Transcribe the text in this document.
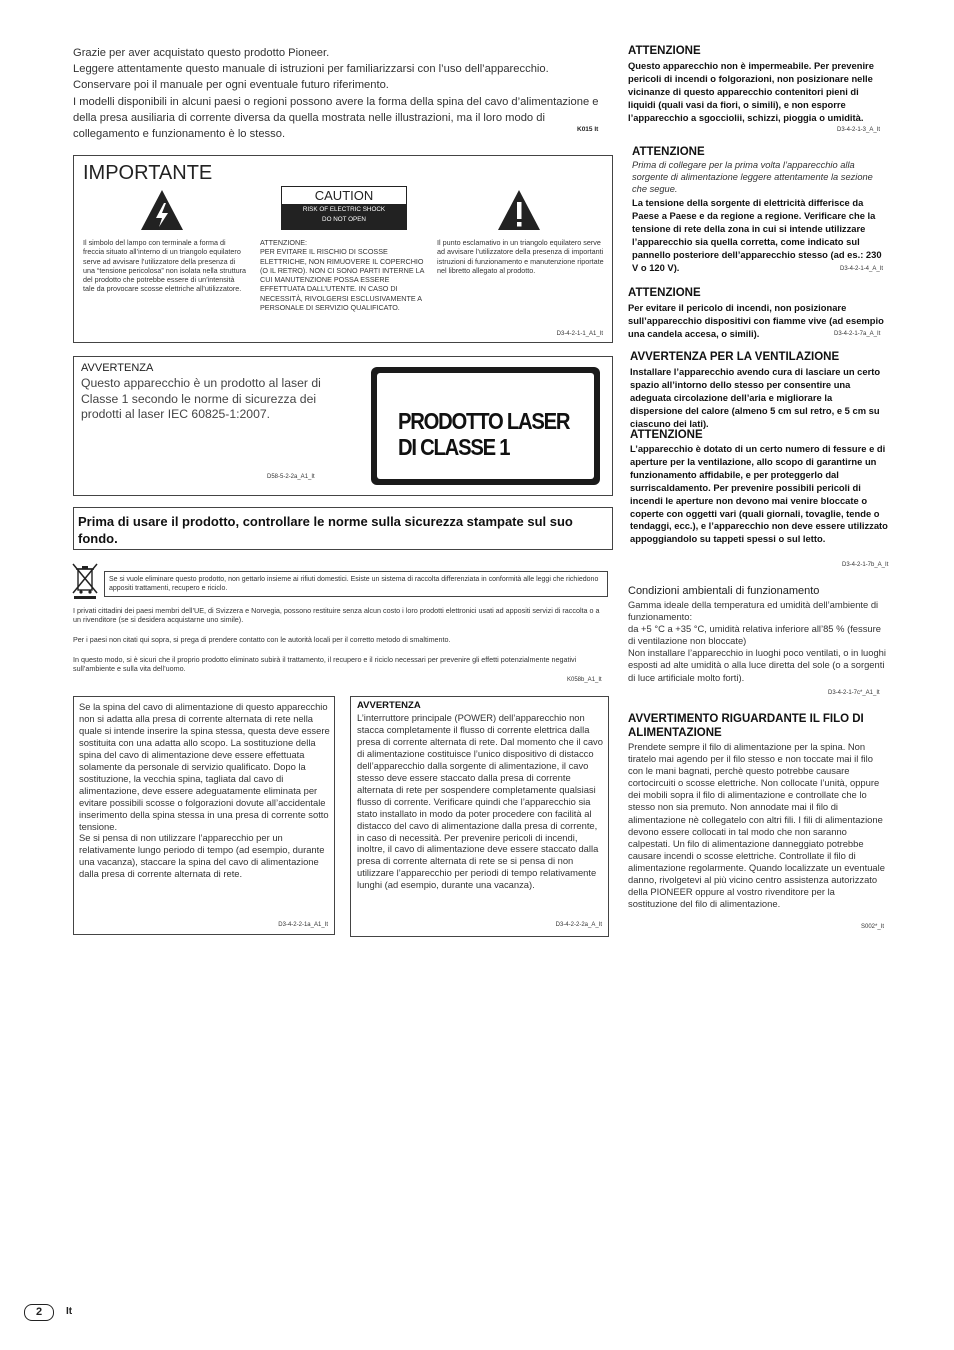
Grazie per aver acquistato questo prodotto Pioneer.
Leggere attentamente questo manuale di istruzioni per familiarizzarsi con l’uso dell’apparecchio.
Conservare poi il manuale per ogni eventuale futuro riferimento.
I modelli disponibili in alcuni paesi o regioni possono avere la forma della spina del cavo d’alimentazione e della presa ausiliaria di corrente diversa da quella mostrata nelle illustrazioni, ma il loro modo di collegamento e funzionamento è lo stesso.	K015 It
IMPORTANTE
CAUTION
RISK OF ELECTRIC SHOCK
DO NOT OPEN
Il simbolo del lampo con terminale a forma di freccia situato all’interno di un triangolo equilatero serve ad avvisare l’utilizzatore della presenza di una “tensione pericolosa” non isolata nella struttura del prodotto che potrebbe essere di un’intensità tale da provocare scosse elettriche all’utilizzatore.
ATTENZIONE:
PER EVITARE IL RISCHIO DI SCOSSE ELETTRICHE, NON RIMUOVERE IL COPERCHIO (O IL RETRO). NON CI SONO PARTI INTERNE LA CUI MANUTENZIONE POSSA ESSERE EFFETTUATA DALL’UTENTE. IN CASO DI NECESSITÀ, RIVOLGERSI ESCLUSIVAMENTE A PERSONALE DI SERVIZIO QUALIFICATO.
Il punto esclamativo in un triangolo equilatero serve ad avvisare l’utilizzatore della presenza di importanti istruzioni di funzionamento e manutenzione riportate nel libretto allegato al prodotto.
D3-4-2-1-1_A1_It
AVVERTENZA
Questo apparecchio è un prodotto al laser di Classe 1 secondo le norme di sicurezza dei prodotti al laser IEC 60825-1:2007.
D58-5-2-2a_A1_It
PRODOTTO LASER
DI CLASSE 1
Prima di usare il prodotto, controllare le norme sulla sicurezza stampate sul suo fondo.
Se si vuole eliminare questo prodotto, non gettarlo insieme ai rifiuti domestici. Esiste un sistema di raccolta differenziata in conformità alle leggi che richiedono appositi trattamenti, recupero e riciclo.
I privati cittadini dei paesi membri dell’UE, di Svizzera e Norvegia, possono restituire senza alcun costo i loro prodotti elettronici usati ad appositi servizi di raccolta o a un rivenditore (se si desidera acquistarne uno simile).
Per i paesi non citati qui sopra, si prega di prendere contatto con le autorità locali per il corretto metodo di smaltimento.
In questo modo, si è sicuri che il proprio prodotto eliminato subirà il trattamento, il recupero e il riciclo necessari per prevenire gli effetti potenzialmente negativi sull’ambiente e sulla vita dell’uomo.
K058b_A1_It
Se la spina del cavo di alimentazione di questo apparecchio non si adatta alla presa di corrente alternata di rete nella quale si intende inserire la spina stessa, questa deve essere sostituita con una adatta allo scopo. La sostituzione della spina del cavo di alimentazione deve essere effettuata solamente da personale di servizio qualificato. Dopo la sostituzione, la vecchia spina, tagliata dal cavo di alimentazione, deve essere adeguatamente eliminata per evitare possibili scosse o folgorazioni dovute all’accidentale inserimento della spina stessa in una presa di corrente sotto tensione.
Se si pensa di non utilizzare l’apparecchio per un relativamente lungo periodo di tempo (ad esempio, durante una vacanza), staccare la spina del cavo di alimentazione dalla presa di corrente alternata di rete.
D3-4-2-2-1a_A1_It
AVVERTENZA
L’interruttore principale (POWER) dell’apparecchio non stacca completamente il flusso di corrente elettrica dalla presa di corrente alternata di rete. Dal momento che il cavo di alimentazione costituisce l’unico dispositivo di distacco dell’apparecchio dalla sorgente di alimentazione, il cavo stesso deve essere staccato dalla presa di corrente alternata di rete per sospendere completamente qualsiasi flusso di corrente. Verificare quindi che l’apparecchio sia stato installato in modo da poter procedere con facilità al distacco del cavo di alimentazione dalla presa di corrente, in caso di necessità. Per prevenire pericoli di incendi, inoltre, il cavo di alimentazione deve essere staccato dalla presa di corrente alternata di rete se si pensa di non utilizzare l’apparecchio per periodi di tempo relativamente lunghi (ad esempio, durante una vacanza).
D3-4-2-2-2a_A_It
ATTENZIONE
Questo apparecchio non è impermeabile. Per prevenire pericoli di incendi o folgorazioni, non posizionare nelle vicinanze di questo apparecchio contenitori pieni di liquidi (quali vasi da fiori, o simili), e non esporre l’apparecchio a sgocciolii, schizzi, pioggia o umidità.
D3-4-2-1-3_A_It
ATTENZIONE
Prima di collegare per la prima volta l’apparecchio alla sorgente di alimentazione leggere attentamente la sezione che segue.
La tensione della sorgente di elettricità differisce da Paese a Paese e da regione a regione. Verificare che la tensione di rete della zona in cui si intende utilizzare l’apparecchio sia quella corretta, come indicato sul pannello posteriore dell’apparecchio stesso (ad es.: 230 V o 120 V).	D3-4-2-1-4_A_It
ATTENZIONE
Per evitare il pericolo di incendi, non posizionare sull’apparecchio dispositivi con fiamme vive (ad esempio una candela accesa, o simili).	D3-4-2-1-7a_A_It
AVVERTENZA PER LA VENTILAZIONE
Installare l’apparecchio avendo cura di lasciare un certo spazio all’intorno dello stesso per consentire una adeguata circolazione dell’aria e migliorare la dispersione del calore (almeno 5 cm sul retro, e 5 cm su ciascuno dei lati).
ATTENZIONE
L’apparecchio è dotato di un certo numero di fessure e di aperture per la ventilazione, allo scopo di garantirne un funzionamento affidabile, e per proteggerlo dal surriscaldamento. Per prevenire possibili pericoli di incendi le aperture non devono mai venire bloccate o coperte con oggetti vari (quali giornali, tovaglie, tende o tendaggi, ecc.), e l’apparecchio non deve essere utilizzato appoggiandolo su tappeti spessi o sul letto.
D3-4-2-1-7b_A_It
Condizioni ambientali di funzionamento
Gamma ideale della temperatura ed umidità dell’ambiente di funzionamento:
da +5 °C a +35 °C, umidità relativa inferiore all’85 % (fessure di ventilazione non bloccate)
Non installare l’apparecchio in luoghi poco ventilati, o in luoghi esposti ad alte umidità o alla luce diretta del sole (o a sorgenti di luce artificiale molto forti).
D3-4-2-1-7c*_A1_It
AVVERTIMENTO RIGUARDANTE IL FILO DI ALIMENTAZIONE
Prendete sempre il filo di alimentazione per la spina. Non tiratelo mai agendo per il filo stesso e non toccate mai il filo con le mani bagnati, perchè questo potrebbe causare cortocircuiti o scosse elettriche. Non collocate l’unità, oppure dei mobili sopra il filo di alimentazione e controllate che lo stesso non sia premuto. Non annodate mai il filo di alimentazione nè collegatelo con altri fili. I fili di alimentazione devono essere collocati in tal modo che non saranno calpestati. Un filo di alimentazione danneggiato potrebbe causare incendi o scosse elettriche. Controllate il filo di alimentazione regolarmente. Quando localizzate un eventuale danno, rivolgetevi al più vicino centro assistenza autorizzato della PIONEER oppure al vostro rivenditore per la sostituzione del filo di alimentazione.
S002*_It
2	It
